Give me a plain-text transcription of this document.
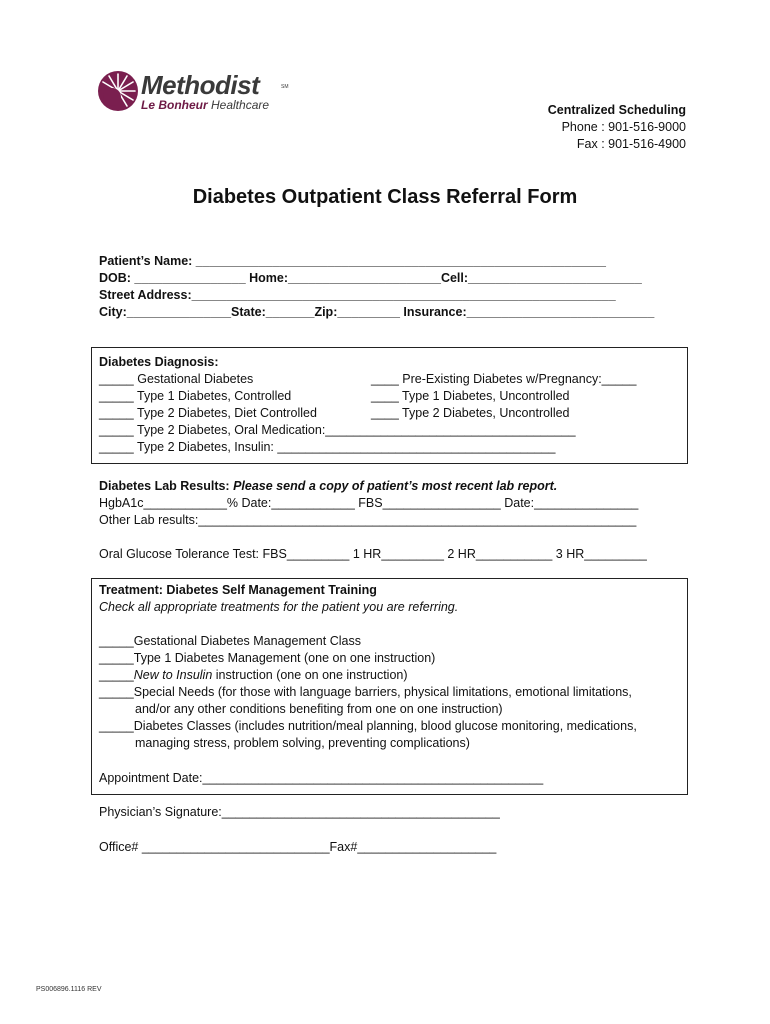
Methodist	SM
Le Bonheur Healthcare	Centralized Scheduling
Phone : 901-516-9000
Fax : 901-516-4900
Diabetes Outpatient Class Referral Form
Patient’s Name: ___________________________________________________________
DOB: ________________ Home:______________________Cell:_________________________
Street Address:_____________________________________________________________
City:_______________State:_______Zip:_________ Insurance:___________________________
Diabetes Diagnosis:
_____ Gestational Diabetes
_____ Type 1 Diabetes, Controlled
_____ Type 2 Diabetes, Diet Controlled
_____ Type 2 Diabetes, Oral Medication:____________________________________
_____ Type 2 Diabetes, Insulin: ________________________________________
____ Pre-Existing Diabetes w/Pregnancy:_____
____ Type 1 Diabetes, Uncontrolled
____ Type 2 Diabetes, Uncontrolled
Diabetes Lab Results: Please send a copy of patient’s most recent lab report.
HgbA1c____________% Date:____________ FBS_________________ Date:_______________
Other Lab results:_______________________________________________________________
Oral Glucose Tolerance Test: FBS_________ 1 HR_________ 2 HR___________ 3 HR_________
Treatment: Diabetes Self Management Training
Check all appropriate treatments for the patient you are referring.
_____Gestational Diabetes Management Class
_____Type 1 Diabetes Management (one on one instruction)
_____New to Insulin instruction (one on one instruction)
_____Special Needs (for those with language barriers, physical limitations, emotional limitations,
and/or any other conditions benefiting from one on one instruction)
_____Diabetes Classes (includes nutrition/meal planning, blood glucose monitoring, medications,
managing stress, problem solving, preventing complications)
Appointment Date:_________________________________________________
Physician’s Signature:________________________________________
Office# ___________________________Fax#____________________
PS006896.1116 REV
